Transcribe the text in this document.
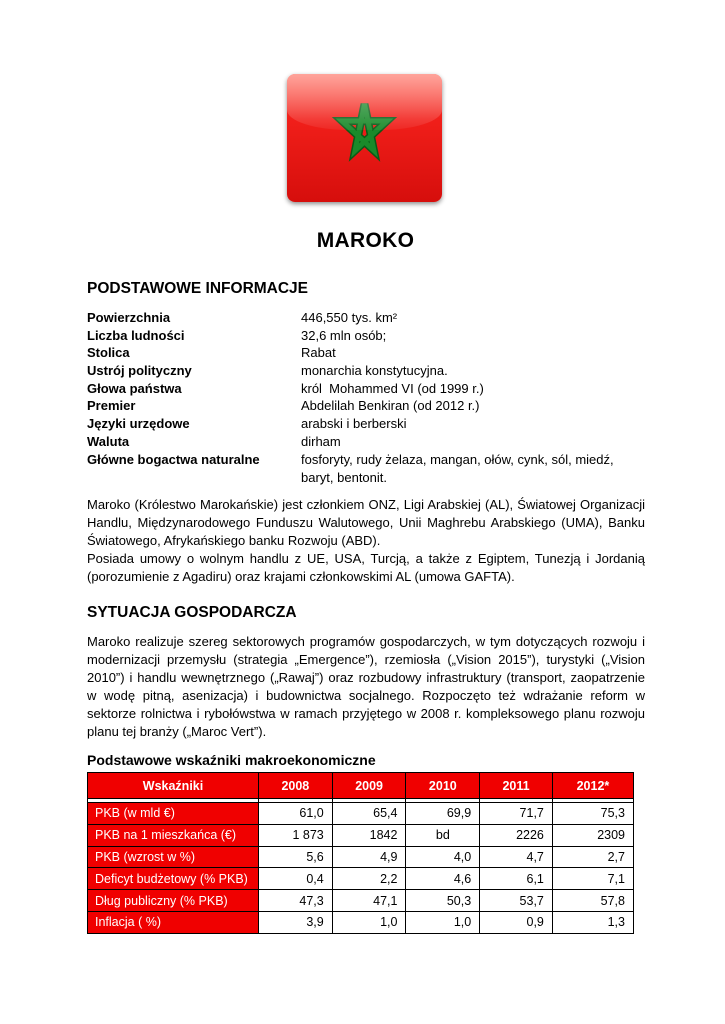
MAROKO
PODSTAWOWE INFORMACJE
Powierzchnia	446,550 tys. km²
Liczba ludności	32,6 mln osób;
Stolica	Rabat
Ustrój polityczny	monarchia konstytucyjna.
Głowa państwa	król  Mohammed VI (od 1999 r.)
Premier	Abdelilah Benkiran (od 2012 r.)
Języki urzędowe	arabski i berberski
Waluta	dirham
Główne bogactwa naturalne	fosforyty, rudy żelaza, mangan, ołów, cynk, sól, miedź, baryt, bentonit.

Maroko (Królestwo Marokańskie) jest członkiem ONZ, Ligi Arabskiej (AL), Światowej Organizacji Handlu, Międzynarodowego Funduszu Walutowego, Unii Maghrebu Arabskiego (UMA), Banku Światowego, Afrykańskiego banku Rozwoju (ABD).

Posiada umowy o wolnym handlu z UE, USA, Turcją, a także z Egiptem, Tunezją i Jordanią (porozumienie z Agadiru) oraz krajami członkowskimi AL (umowa GAFTA).

SYTUACJA GOSPODARCZA

Maroko realizuje szereg sektorowych programów gospodarczych, w tym dotyczących rozwoju i modernizacji przemysłu (strategia „Emergence”), rzemiosła („Vision 2015”), turystyki („Vision 2010”) i handlu wewnętrznego („Rawaj”) oraz rozbudowy infrastruktury (transport, zaopatrzenie w wodę pitną, asenizacja) i budownictwa socjalnego. Rozpoczęto też wdrażanie reform w sektorze rolnictwa i rybołówstwa w ramach przyjętego w 2008 r. kompleksowego planu rozwoju planu tej branży („Maroc Vert”).

Podstawowe wskaźniki makroekonomiczne
Wskaźniki	2008	2009	2010	2011	2012*

PKB (w mld €)	61,0	65,4	69,9	71,7	75,3
PKB na 1 mieszkańca (€)	1 873	1842	bd	2226	2309
PKB (wzrost w %)	5,6	4,9	4,0	4,7	2,7
Deficyt budżetowy (% PKB)	0,4	2,2	4,6	6,1	7,1
Dług publiczny (% PKB)	47,3	47,1	50,3	53,7	57,8
Inflacja ( %)	3,9	1,0	1,0	0,9	1,3
